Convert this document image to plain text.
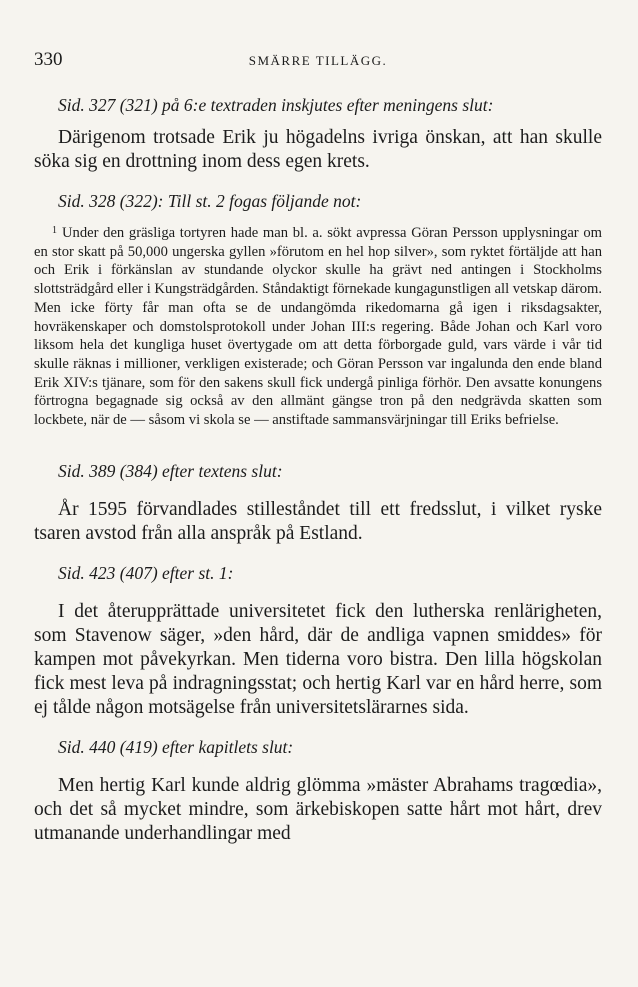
330	SMÄRRE TILLÄGG.

Sid. 327 (321) på 6:e textraden inskjutes efter meningens slut:

Därigenom trotsade Erik ju högadelns ivriga önskan, att han skulle söka sig en drottning inom dess egen krets.

Sid. 328 (322): Till st. 2 fogas följande not:

$^1$ Under den gräsliga tortyren hade man bl. a. sökt avpressa Göran Persson upplysningar om en stor skatt på 50,000 ungerska gyllen »förutom en hel hop silver», som ryktet förtäljde att han och Erik i förkänslan av stundande olyckor skulle ha grävt ned antingen i Stockholms slottsträdgård eller i Kungsträdgården. Ståndaktigt förnekade kungagunstligen all vetskap därom. Men icke förty får man ofta se de undangömda rikedomarna gå igen i riksdagsakter, hovräkenskaper och domstolsprotokoll under Johan III:s regering. Både Johan och Karl voro liksom hela det kungliga huset övertygade om att detta förborgade guld, vars värde i vår tid skulle räknas i millioner, verkligen existerade; och Göran Persson var ingalunda den ende bland Erik XIV:s tjänare, som för den sakens skull fick undergå pinliga förhör. Den avsatte konungens förtrogna begagnade sig också av den allmänt gängse tron på den nedgrävda skatten som lockbete, när de — såsom vi skola se — anstiftade sammansvärjningar till Eriks befrielse.

Sid. 389 (384) efter textens slut:

År 1595 förvandlades stilleståndet till ett fredsslut, i vilket ryske tsaren avstod från alla anspråk på Estland.

Sid. 423 (407) efter st. 1:

I det återupprättade universitetet fick den lutherska renlärigheten, som Stavenow säger, »den hård, där de andliga vapnen smiddes» för kampen mot påvekyrkan. Men tiderna voro bistra. Den lilla högskolan fick mest leva på indragningsstat; och hertig Karl var en hård herre, som ej tålde någon motsägelse från universitetslärarnes sida.

Sid. 440 (419) efter kapitlets slut:

Men hertig Karl kunde aldrig glömma »mäster Abrahams tragœdia», och det så mycket mindre, som ärkebiskopen satte hårt mot hårt, drev utmanande underhandlingar med
